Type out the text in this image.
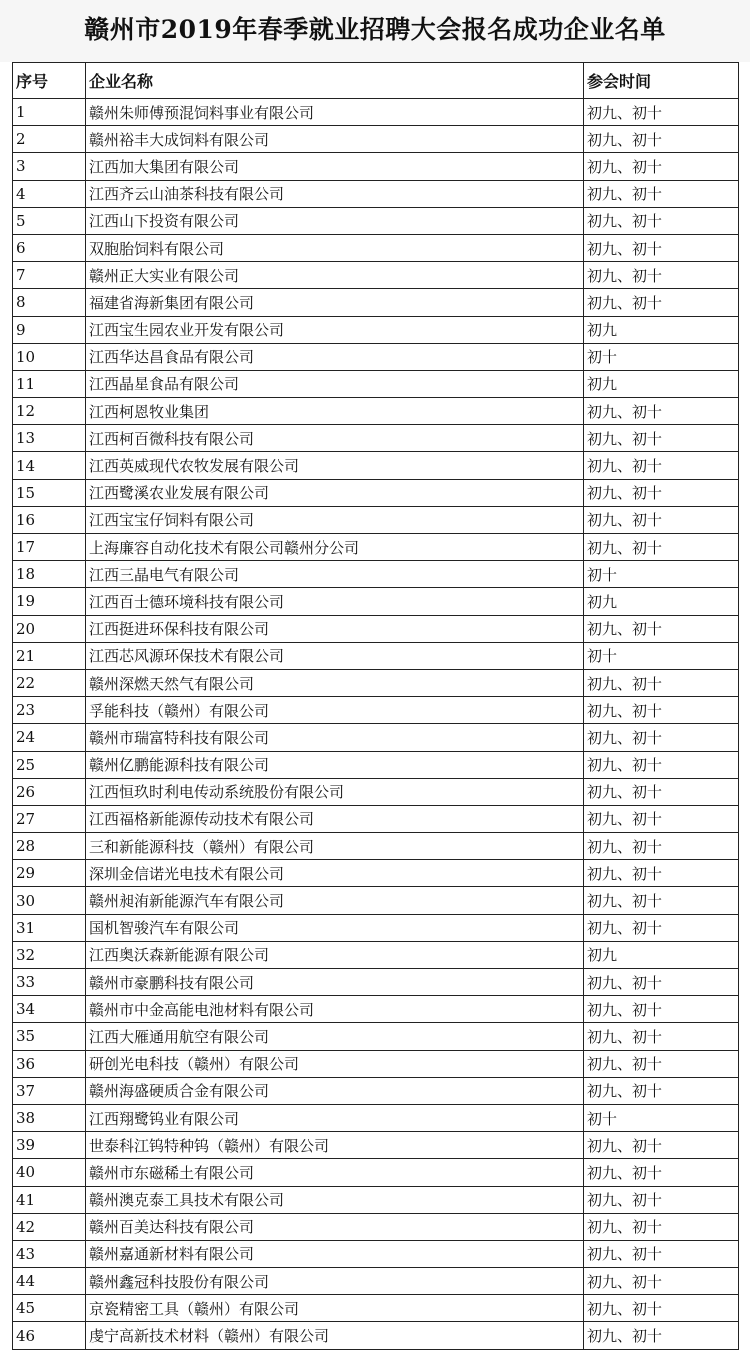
赣州市2019年春季就业招聘大会报名成功企业名单
序号	企业名称	参会时间
1	赣州朱师傅预混饲料事业有限公司	初九、初十
2	赣州裕丰大成饲料有限公司	初九、初十
3	江西加大集团有限公司	初九、初十
4	江西齐云山油茶科技有限公司	初九、初十
5	江西山下投资有限公司	初九、初十
6	双胞胎饲料有限公司	初九、初十
7	赣州正大实业有限公司	初九、初十
8	福建省海新集团有限公司	初九、初十
9	江西宝生园农业开发有限公司	初九
10	江西华达昌食品有限公司	初十
11	江西晶星食品有限公司	初九
12	江西柯恩牧业集团	初九、初十
13	江西柯百微科技有限公司	初九、初十
14	江西英威现代农牧发展有限公司	初九、初十
15	江西鹭溪农业发展有限公司	初九、初十
16	江西宝宝仔饲料有限公司	初九、初十
17	上海廉容自动化技术有限公司赣州分公司	初九、初十
18	江西三晶电气有限公司	初十
19	江西百士德环境科技有限公司	初九
20	江西挺进环保科技有限公司	初九、初十
21	江西芯风源环保技术有限公司	初十
22	赣州深燃天然气有限公司	初九、初十
23	孚能科技（赣州）有限公司	初九、初十
24	赣州市瑞富特科技有限公司	初九、初十
25	赣州亿鹏能源科技有限公司	初九、初十
26	江西恒玖时利电传动系统股份有限公司	初九、初十
27	江西福格新能源传动技术有限公司	初九、初十
28	三和新能源科技（赣州）有限公司	初九、初十
29	深圳金信诺光电技术有限公司	初九、初十
30	赣州昶洧新能源汽车有限公司	初九、初十
31	国机智骏汽车有限公司	初九、初十
32	江西奥沃森新能源有限公司	初九
33	赣州市豪鹏科技有限公司	初九、初十
34	赣州市中金高能电池材料有限公司	初九、初十
35	江西大雁通用航空有限公司	初九、初十
36	研创光电科技（赣州）有限公司	初九、初十
37	赣州海盛硬质合金有限公司	初九、初十
38	江西翔鹭钨业有限公司	初十
39	世泰科江钨特种钨（赣州）有限公司	初九、初十
40	赣州市东磁稀土有限公司	初九、初十
41	赣州澳克泰工具技术有限公司	初九、初十
42	赣州百美达科技有限公司	初九、初十
43	赣州嘉通新材料有限公司	初九、初十
44	赣州鑫冠科技股份有限公司	初九、初十
45	京瓷精密工具（赣州）有限公司	初九、初十
46	虔宁高新技术材料（赣州）有限公司	初九、初十
